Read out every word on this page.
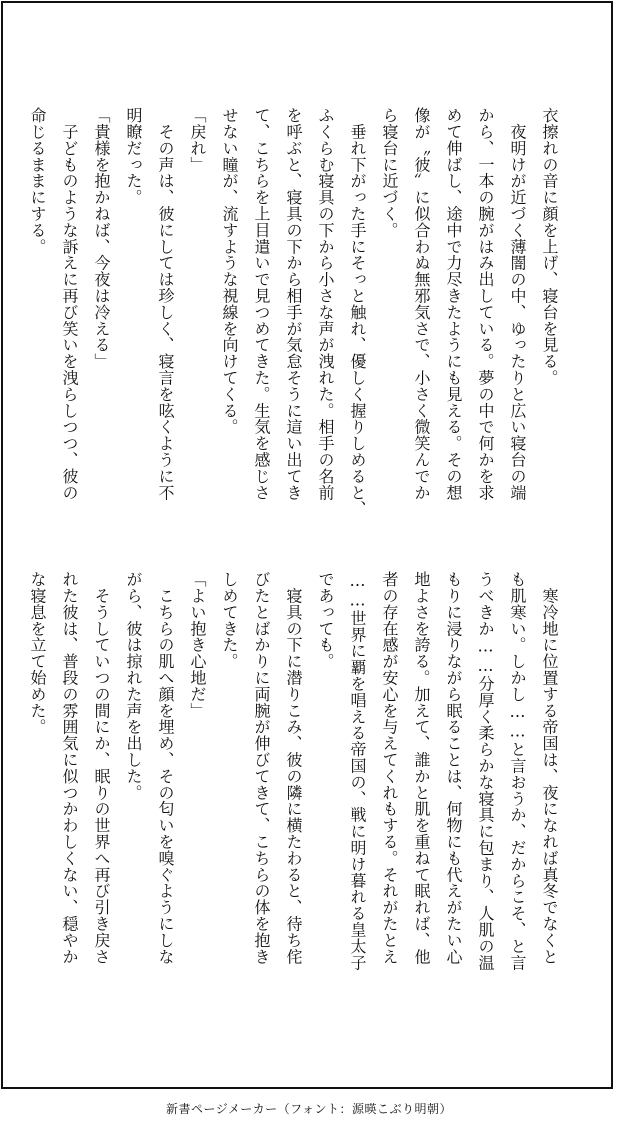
衣擦れの音に顔を上げ、寝台を見る。

　夜明けが近づく薄闇の中、ゆったりと広い寝台の端

から、一本の腕がはみ出している。夢の中で何かを求

めて伸ばし、途中で力尽きたようにも見える。その想

像が〝彼〟に似合わぬ無邪気さで、小さく微笑んでか

ら寝台に近づく。

　垂れ下がった手にそっと触れ、優しく握りしめると、

ふくらむ寝具の下から小さな声が洩れた。相手の名前

を呼ぶと、寝具の下から相手が気怠そうに這い出てき

て、こちらを上目遣いで見つめてきた。生気を感じさ

せない瞳が、流すような視線を向けてくる。

「戻れ」

　その声は、彼にしては珍しく、寝言を呟くように不

明瞭だった。

「貴様を抱かねば、今夜は冷える」

　子どものような訴えに再び笑いを洩らしつつ、彼の

命じるままにする。

　寒冷地に位置する帝国は、夜になれば真冬でなくと

も肌寒い。しかし……と言おうか、だからこそ、と言

うべきか……分厚く柔らかな寝具に包まり、人肌の温

もりに浸りながら眠ることは、何物にも代えがたい心

地よさを誇る。加えて、誰かと肌を重ねて眠れば、他

者の存在感が安心を与えてくれもする。それがたとえ

……世界に覇を唱える帝国の、戦に明け暮れる皇太子

であっても。

　寝具の下に潜りこみ、彼の隣に横たわると、待ち侘

びたとばかりに両腕が伸びてきて、こちらの体を抱き

しめてきた。

「よい抱き心地だ」

　こちらの肌へ顔を埋め、その匂いを嗅ぐようにしな

がら、彼は掠れた声を出した。

　そうしていつの間にか、眠りの世界へ再び引き戻さ

れた彼は、普段の雰囲気に似つかわしくない、穏やか

な寝息を立て始めた。

新書ページメーカー（フォント：源暎こぶり明朝）
